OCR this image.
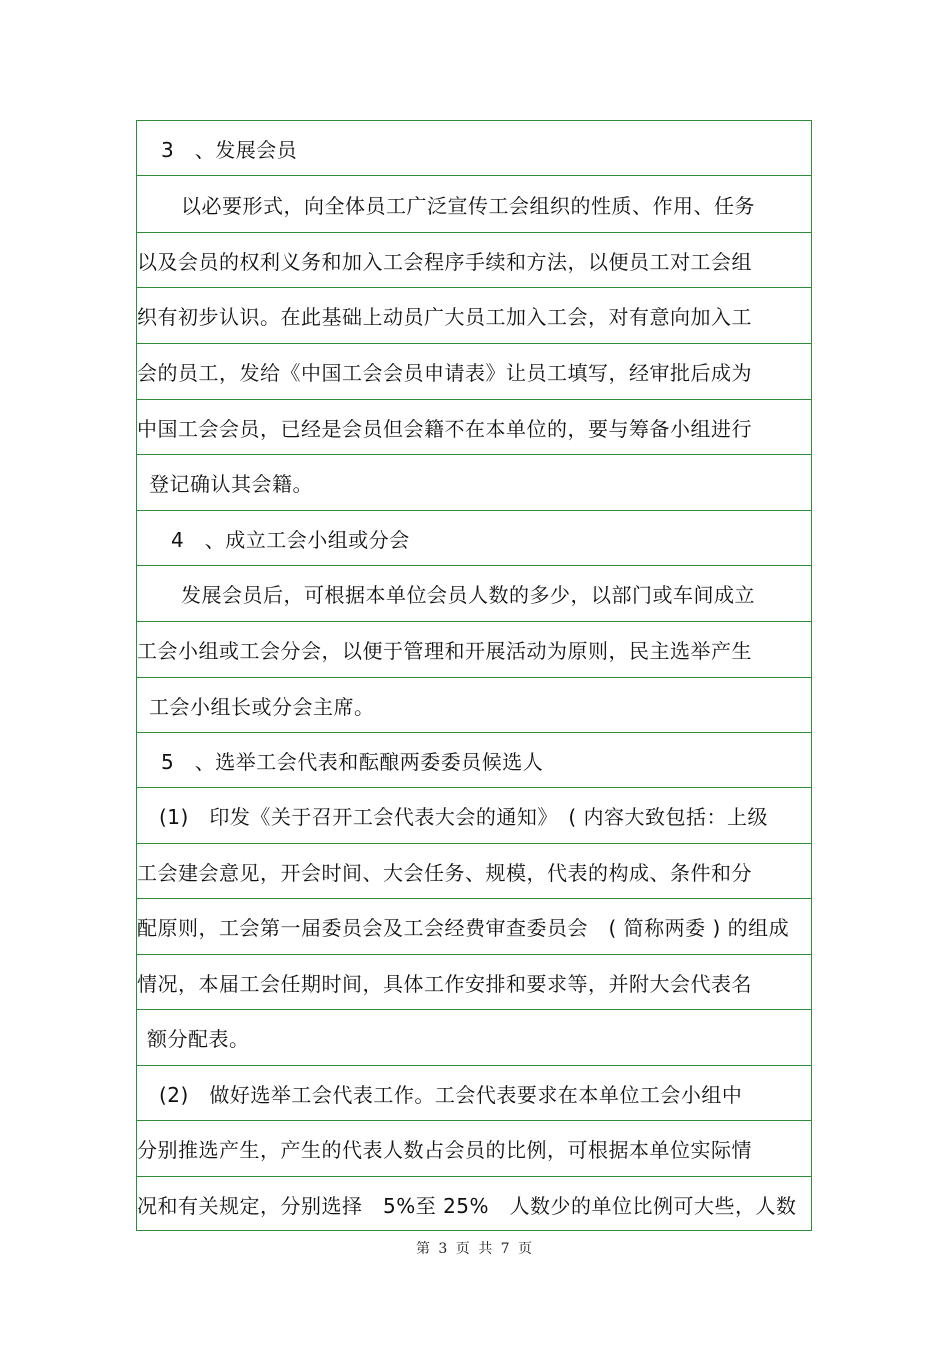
3　、发展会员
以必要形式，向全体员工广泛宣传工会组织的性质、作用、任务
以及会员的权利义务和加入工会程序手续和方法，以便员工对工会组
织有初步认识。在此基础上动员广大员工加入工会，对有意向加入工
会的员工，发给《中国工会会员申请表》让员工填写，经审批后成为
中国工会会员，已经是会员但会籍不在本单位的，要与筹备小组进行
登记确认其会籍。
4　、成立工会小组或分会
发展会员后，可根据本单位会员人数的多少，以部门或车间成立
工会小组或工会分会，以便于管理和开展活动为原则，民主选举产生
工会小组长或分会主席。
5　、选举工会代表和酝酿两委委员候选人
(1)　印发《关于召开工会代表大会的通知》　( 内容大致包括：上级
工会建会意见，开会时间、大会任务、规模，代表的构成、条件和分
配原则，工会第一届委员会及工会经费审查委员会　( 简称两委 ) 的组成
情况，本届工会任期时间，具体工作安排和要求等，并附大会代表名
额分配表。
(2)　做好选举工会代表工作。工会代表要求在本单位工会小组中
分别推选产生，产生的代表人数占会员的比例，可根据本单位实际情
况和有关规定，分别选择　5%至 25%　人数少的单位比例可大些，人数
第 3 页 共 7 页
